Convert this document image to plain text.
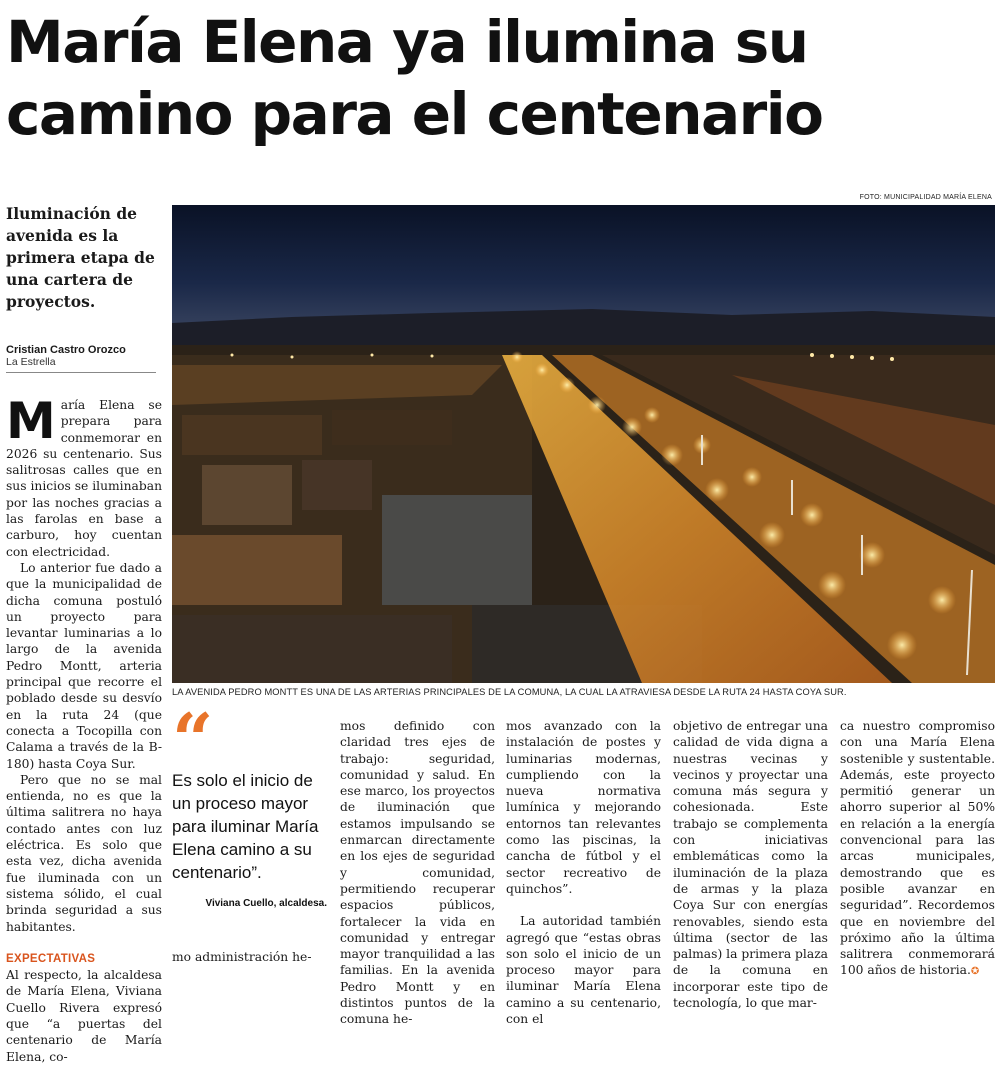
María Elena ya ilumina su
camino para el centenario
Iluminación de avenida es la primera etapa de una cartera de proyectos.
Cristian Castro Orozco
La Estrella
FOTO: MUNICIPALIDAD MARÍA ELENA
LA AVENIDA PEDRO MONTT ES UNA DE LAS ARTERIAS PRINCIPALES DE LA COMUNA, LA CUAL LA ATRAVIESA DESDE LA RUTA 24 HASTA COYA SUR.

María Elena se prepara para conmemorar en 2026 su centenario. Sus salitrosas calles que en sus inicios se iluminaban por las noches gracias a las farolas en base a carburo, hoy cuentan con electricidad.

Lo anterior fue dado a que la municipalidad de dicha comuna postuló un proyecto para levantar luminarias a lo largo de la avenida Pedro Montt, arteria principal que recorre el poblado desde su desvío en la ruta 24 (que conecta a Tocopilla con Calama a través de la B-180) hasta Coya Sur.

Pero que no se mal entienda, no es que la última salitrera no haya contado antes con luz eléctrica. Es solo que esta vez, dicha avenida fue iluminada con un sistema sólido, el cual brinda seguridad a sus habitantes.

EXPECTATIVAS

Al respecto, la alcaldesa de María Elena, Viviana Cuello Rivera expresó que “a puertas del centenario de María Elena, co-

“
Es solo el inicio de un proceso mayor para iluminar María Elena camino a su centenario”.
Viviana Cuello, alcaldesa.
mo administración he-

mos definido con claridad tres ejes de trabajo: seguridad, comunidad y salud. En ese marco, los proyectos de iluminación que estamos impulsando se enmarcan directamente en los ejes de seguridad y comunidad, permitiendo recuperar espacios públicos, fortalecer la vida en comunidad y entregar mayor tranquilidad a las familias. En la avenida Pedro Montt y en distintos puntos de la comuna he-

mos avanzado con la instalación de postes y luminarias modernas, cumpliendo con la nueva normativa lumínica y mejorando entornos tan relevantes como las piscinas, la cancha de fútbol y el sector recreativo de quinchos”.

La autoridad también agregó que “estas obras son solo el inicio de un proceso mayor para iluminar María Elena camino a su centenario, con el

objetivo de entregar una calidad de vida digna a nuestras vecinas y vecinos y proyectar una comuna más segura y cohesionada. Este trabajo se complementa con iniciativas emblemáticas como la iluminación de la plaza de armas y la plaza Coya Sur con energías renovables, siendo esta última (sector de las palmas) la primera plaza de la comuna en incorporar este tipo de tecnología, lo que mar-

ca nuestro compromiso con una María Elena sostenible y sustentable. Además, este proyecto permitió generar un ahorro superior al 50% en relación a la energía convencional para las arcas municipales, demostrando que es posible avanzar en seguridad”. Recordemos que en noviembre del próximo año la última salitrera conmemorará 100 años de historia.✪
